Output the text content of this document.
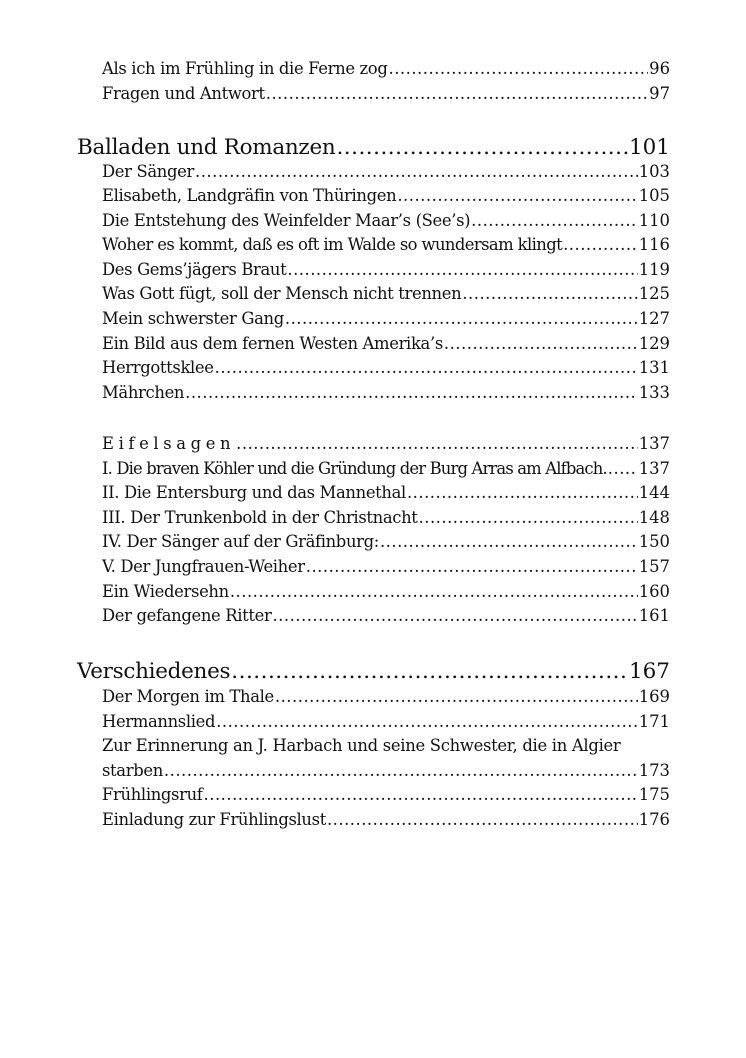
Als ich im Frühling in die Ferne zog .....	96
Fragen und Antwort .....	97
Balladen und Romanzen .....	101
Der Sänger .....	103
Elisabeth, Landgräfin von Thüringen .....	105
Die Entstehung des Weinfelder Maar’s (See’s) .....	110
Woher es kommt, daß es oft im Walde so wundersam klingt .....	116
Des Gems’jägers Braut .....	119
Was Gott fügt, soll der Mensch nicht trennen .....	125
Mein schwerster Gang .....	127
Ein Bild aus dem fernen Westen Amerika’s .....	129
Herrgottsklee .....	131
Mährchen .....	133
Eifelsagen .....	137
I. Die braven Köhler und die Gründung der Burg Arras am Alfbach. ..... 137
II. Die Entersburg und das Mannethal .....	144
III. Der Trunkenbold in der Christnacht .....	148
IV. Der Sänger auf der Gräfinburg: .....	150
V. Der Jungfrauen-Weiher .....	157
Ein Wiedersehn .....	160
Der gefangene Ritter .....	161
Verschiedenes .....	167
Der Morgen im Thale .....	169
Hermannslied .....	171
Zur Erinnerung an J. Harbach und seine Schwester, die in Algier
starben .....	173
Frühlingsruf .....	175
Einladung zur Frühlingslust .....	176
